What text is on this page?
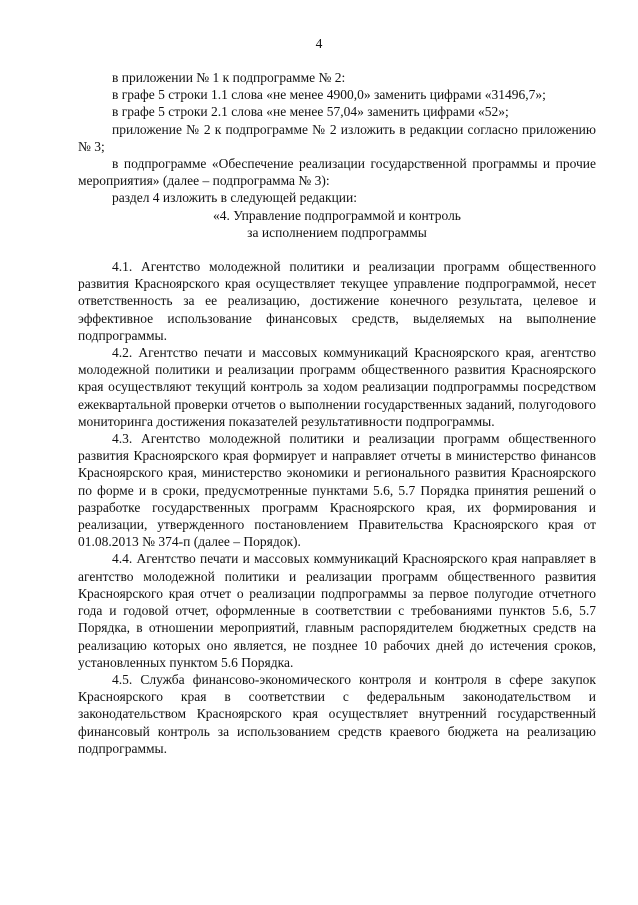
4

в приложении № 1 к подпрограмме № 2:

в графе 5 строки 1.1 слова «не менее 4900,0» заменить цифрами «31496,7»;

в графе 5 строки 2.1 слова «не менее 57,04» заменить цифрами «52»;

приложение № 2 к подпрограмме № 2 изложить в редакции согласно приложению № 3;

в подпрограмме «Обеспечение реализации государственной программы и прочие мероприятия» (далее – подпрограмма № 3):

раздел 4 изложить в следующей редакции:

«4. Управление подпрограммой и контроль

за исполнением подпрограммы

4.1. Агентство молодежной политики и реализации программ общественного развития Красноярского края осуществляет текущее управление подпрограммой, несет ответственность за ее реализацию, достижение конечного результата, целевое и эффективное использование финансовых средств, выделяемых на выполнение подпрограммы.

4.2. Агентство печати и массовых коммуникаций Красноярского края, агентство молодежной политики и реализации программ общественного развития Красноярского края осуществляют текущий контроль за ходом реализации подпрограммы посредством ежеквартальной проверки отчетов о выполнении государственных заданий, полугодового мониторинга достижения показателей результативности подпрограммы.

4.3. Агентство молодежной политики и реализации программ общественного развития Красноярского края формирует и направляет отчеты в министерство финансов Красноярского края, министерство экономики и регионального развития Красноярского по форме и в сроки, предусмотренные пунктами 5.6, 5.7 Порядка принятия решений о разработке государственных программ Красноярского края, их формирования и реализации, утвержденного постановлением Правительства Красноярского края от 01.08.2013 № 374-п (далее – Порядок).

4.4. Агентство печати и массовых коммуникаций Красноярского края направляет в агентство молодежной политики и реализации программ общественного развития Красноярского края отчет о реализации подпрограммы за первое полугодие отчетного года и годовой отчет, оформленные в соответствии с требованиями пунктов 5.6, 5.7 Порядка, в отношении мероприятий, главным распорядителем бюджетных средств на реализацию которых оно является, не позднее 10 рабочих дней до истечения сроков, установленных пунктом 5.6 Порядка.

4.5. Служба финансово-экономического контроля и контроля в сфере закупок Красноярского края в соответствии с федеральным законодательством и законодательством Красноярского края осуществляет внутренний государственный финансовый контроль за использованием средств краевого бюджета на реализацию подпрограммы.
